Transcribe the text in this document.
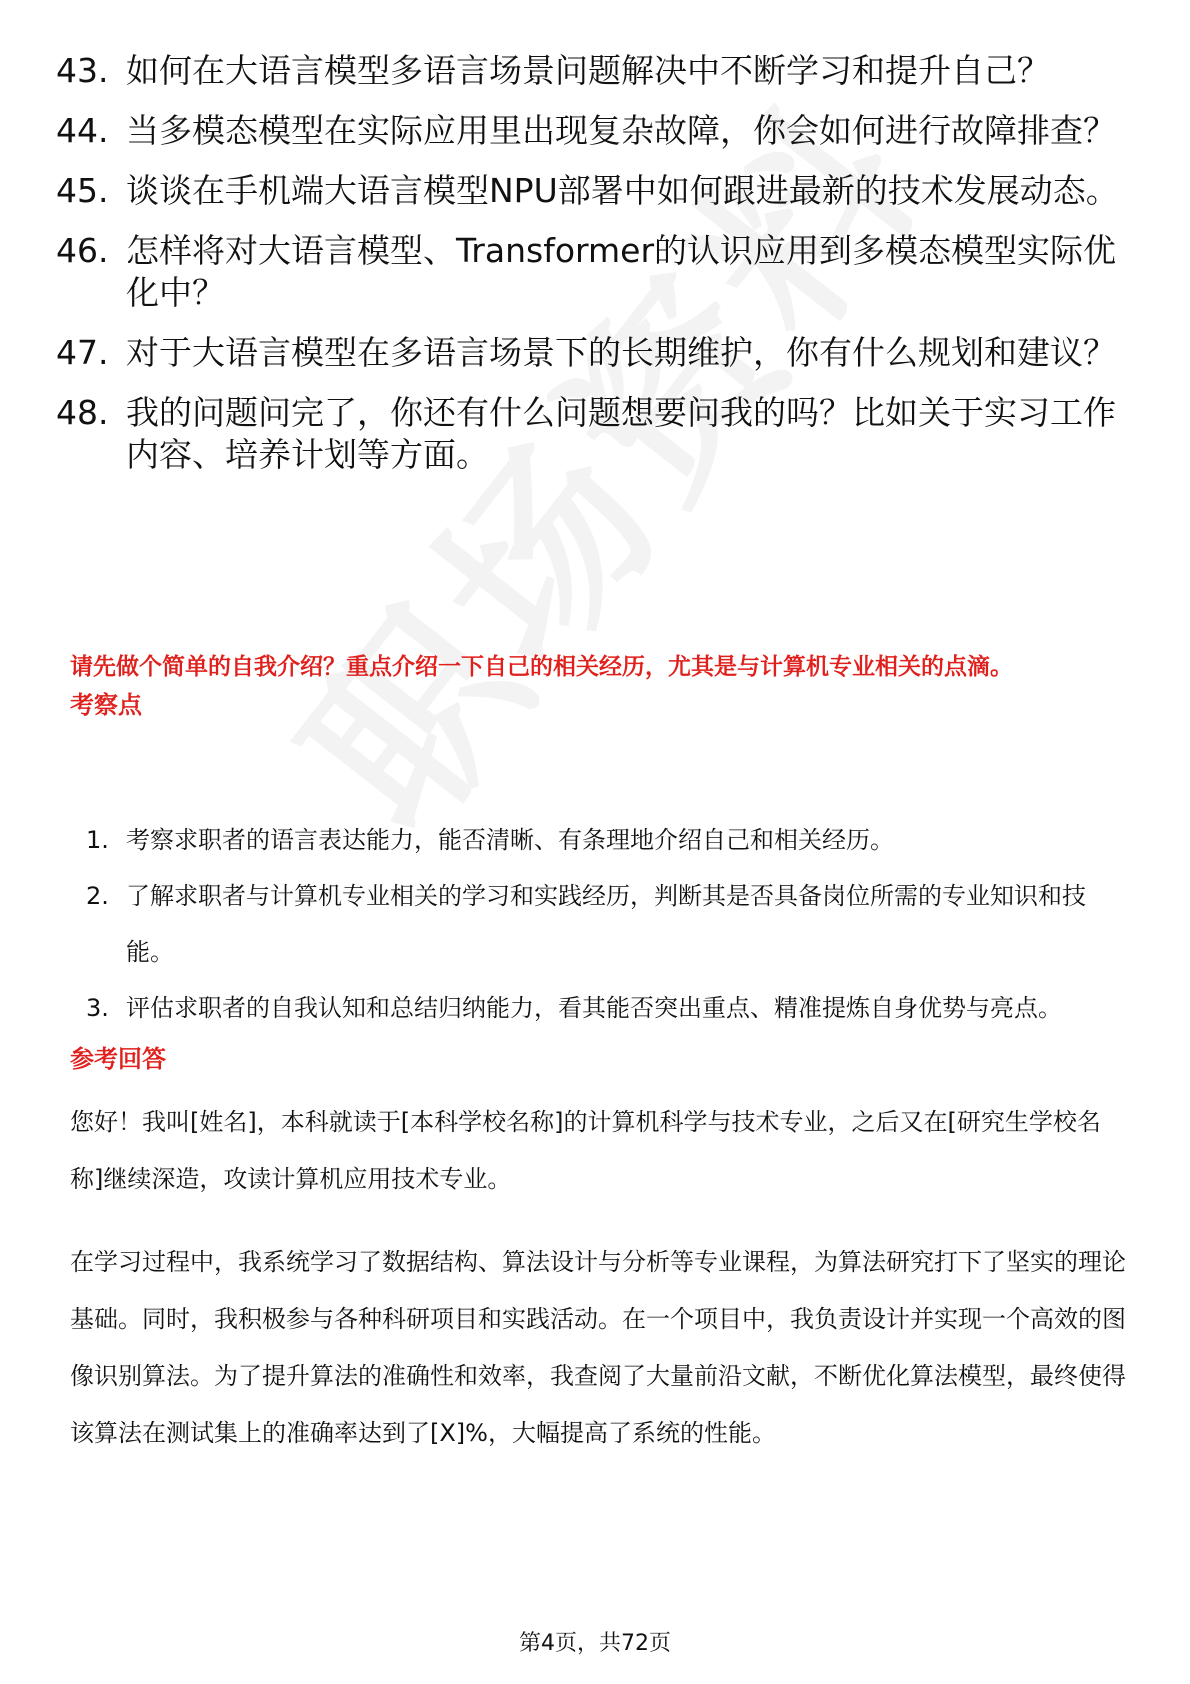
43. 如何在大语言模型多语言场景问题解决中不断学习和提升自己？
44. 当多模态模型在实际应用里出现复杂故障，你会如何进行故障排查？
45. 谈谈在手机端大语言模型NPU部署中如何跟进最新的技术发展动态。
46. 怎样将对大语言模型、Transformer的认识应用到多模态模型实际优化中？
47. 对于大语言模型在多语言场景下的长期维护，你有什么规划和建议？
48. 我的问题问完了，你还有什么问题想要问我的吗？比如关于实习工作内容、培养计划等方面。
请先做个简单的自我介绍？重点介绍一下自己的相关经历，尤其是与计算机专业相关的点滴。
考察点
1. 考察求职者的语言表达能力，能否清晰、有条理地介绍自己和相关经历。
2. 了解求职者与计算机专业相关的学习和实践经历，判断其是否具备岗位所需的专业知识和技能。
3. 评估求职者的自我认知和总结归纳能力，看其能否突出重点、精准提炼自身优势与亮点。
参考回答

您好！我叫[姓名]，本科就读于[本科学校名称]的计算机科学与技术专业，之后又在[研究生学校名称]继续深造，攻读计算机应用技术专业。

在学习过程中，我系统学习了数据结构、算法设计与分析等专业课程，为算法研究打下了坚实的理论基础。同时，我积极参与各种科研项目和实践活动。在一个项目中，我负责设计并实现一个高效的图像识别算法。为了提升算法的准确性和效率，我查阅了大量前沿文献，不断优化算法模型，最终使得该算法在测试集上的准确率达到了[X]%，大幅提高了系统的性能。

第4页，共72页
